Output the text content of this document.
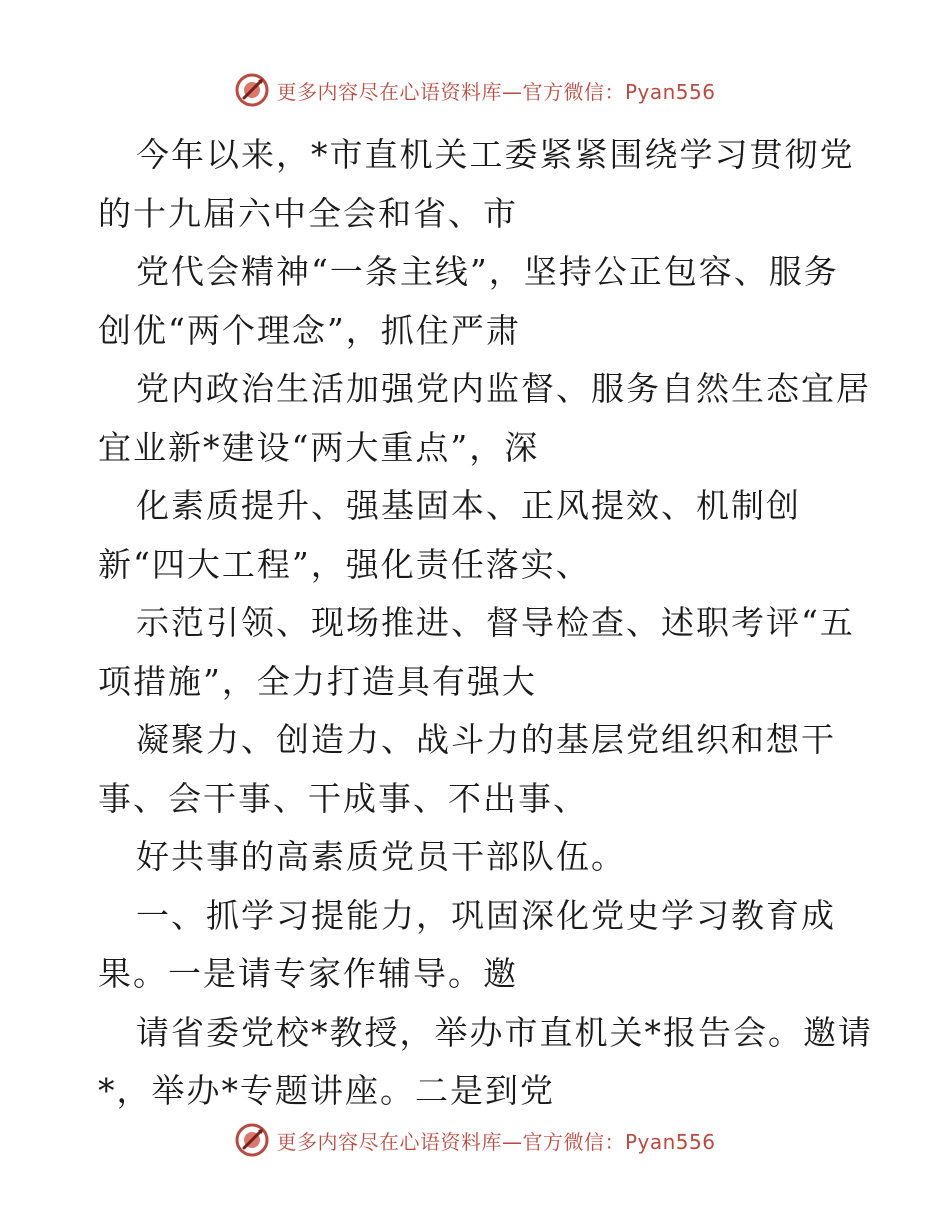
更多内容尽在心语资料库—官方微信：Pyan556
今年以来，*市直机关工委紧紧围绕学习贯彻党
的十九届六中全会和省、市
党代会精神“一条主线”，坚持公正包容、服务
创优“两个理念”，抓住严肃
党内政治生活加强党内监督、服务自然生态宜居
宜业新*建设“两大重点”，深
化素质提升、强基固本、正风提效、机制创
新“四大工程”，强化责任落实、
示范引领、现场推进、督导检查、述职考评“五
项措施”，全力打造具有强大
凝聚力、创造力、战斗力的基层党组织和想干
事、会干事、干成事、不出事、
好共事的高素质党员干部队伍。
一、抓学习提能力，巩固深化党史学习教育成
果。一是请专家作辅导。邀
请省委党校*教授，举办市直机关*报告会。邀请
*，举办*专题讲座。二是到党
更多内容尽在心语资料库—官方微信：Pyan556
